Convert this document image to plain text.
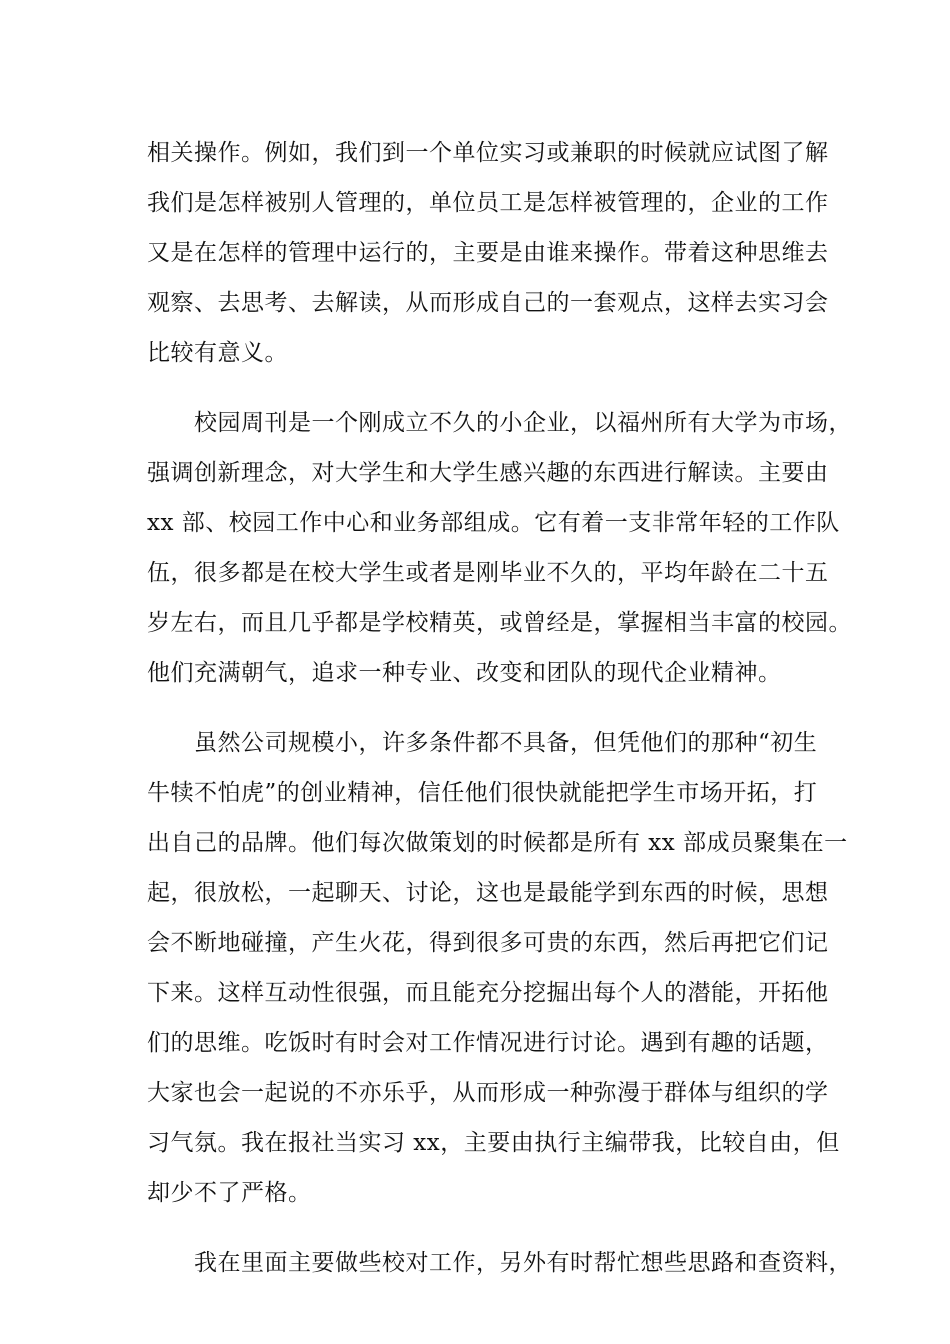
相关操作。例如，我们到一个单位实习或兼职的时候就应试图了解
我们是怎样被别人管理的，单位员工是怎样被管理的，企业的工作
又是在怎样的管理中运行的，主要是由谁来操作。带着这种思维去
观察、去思考、去解读，从而形成自己的一套观点，这样去实习会
比较有意义。
　　校园周刊是一个刚成立不久的小企业，以福州所有大学为市场，
强调创新理念，对大学生和大学生感兴趣的东西进行解读。主要由
xx 部、校园工作中心和业务部组成。它有着一支非常年轻的工作队
伍，很多都是在校大学生或者是刚毕业不久的，平均年龄在二十五
岁左右，而且几乎都是学校精英，或曾经是，掌握相当丰富的校园。
他们充满朝气，追求一种专业、改变和团队的现代企业精神。
　　虽然公司规模小，许多条件都不具备，但凭他们的那种“初生
牛犊不怕虎”的创业精神，信任他们很快就能把学生市场开拓，打
出自己的品牌。他们每次做策划的时候都是所有 xx 部成员聚集在一
起，很放松，一起聊天、讨论，这也是最能学到东西的时候，思想
会不断地碰撞，产生火花，得到很多可贵的东西，然后再把它们记
下来。这样互动性很强，而且能充分挖掘出每个人的潜能，开拓他
们的思维。吃饭时有时会对工作情况进行讨论。遇到有趣的话题，
大家也会一起说的不亦乐乎，从而形成一种弥漫于群体与组织的学
习气氛。我在报社当实习 xx，主要由执行主编带我，比较自由，但
却少不了严格。
　　我在里面主要做些校对工作，另外有时帮忙想些思路和查资料，
